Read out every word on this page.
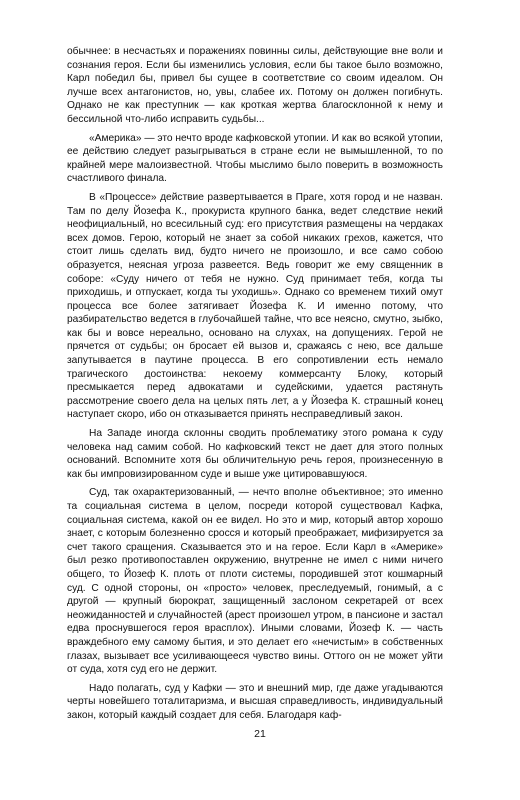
обычнее: в несчастьях и поражениях повинны силы, действующие вне воли и сознания героя. Если бы изменились условия, если бы такое было возможно, Карл победил бы, привел бы сущее в соответствие со своим идеалом. Он лучше всех антагонистов, но, увы, слабее их. Потому он должен погибнуть. Однако не как преступник — как кроткая жертва благосклонной к нему и бессильной что-либо исправить судьбы...

«Америка» — это нечто вроде кафковской утопии. И как во всякой утопии, ее действию следует разыгрываться в стране если не вымышленной, то по крайней мере малоизвестной. Чтобы мыслимо было поверить в возможность счастливого финала.

В «Процессе» действие развертывается в Праге, хотя город и не назван. Там по делу Йозефа К., прокуриста крупного банка, ведет следствие некий неофициальный, но всесильный суд: его присутствия размещены на чердаках всех домов. Герою, который не знает за собой никаких грехов, кажется, что стоит лишь сделать вид, будто ничего не произошло, и все само собою образуется, неясная угроза развеется. Ведь говорит же ему священник в соборе: «Суду ничего от тебя не нужно. Суд принимает тебя, когда ты приходишь, и отпускает, когда ты уходишь». Однако со временем тихий омут процесса все более затягивает Йозефа К. И именно потому, что разбирательство ведется в глубочайшей тайне, что все неясно, смутно, зыбко, как бы и вовсе нереально, основано на слухах, на допущениях. Герой не прячется от судьбы; он бросает ей вызов и, сражаясь с нею, все дальше запутывается в паутине процесса. В его сопротивлении есть немало трагического достоинства: некоему коммерсанту Блоку, который пресмыкается перед адвокатами и судейскими, удается растянуть рассмотрение своего дела на целых пять лет, а у Йозефа К. страшный конец наступает скоро, ибо он отказывается принять несправедливый закон.

На Западе иногда склонны сводить проблематику этого романа к суду человека над самим собой. Но кафковский текст не дает для этого полных оснований. Вспомните хотя бы обличительную речь героя, произнесенную в как бы импровизированном суде и выше уже цитировавшуюся.

Суд, так охарактеризованный, — нечто вполне объективное; это именно та социальная система в целом, посреди которой существовал Кафка, социальная система, какой он ее видел. Но это и мир, который автор хорошо знает, с которым болезненно сросся и который преображает, мифизируется за счет такого сращения. Сказывается это и на герое. Если Карл в «Америке» был резко противопоставлен окружению, внутренне не имел с ними ничего общего, то Йозеф К. плоть от плоти системы, породившей этот кошмарный суд. С одной стороны, он «просто» человек, преследуемый, гонимый, а с другой — крупный бюрократ, защищенный заслоном секретарей от всех неожиданностей и случайностей (арест произошел утром, в пансионе и застал едва проснувшегося героя врасплох). Иными словами, Йозеф К. — часть враждебного ему самому бытия, и это делает его «нечистым» в собственных глазах, вызывает все усиливающееся чувство вины. Оттого он не может уйти от суда, хотя суд его не держит.

Надо полагать, суд у Кафки — это и внешний мир, где даже угадываются черты новейшего тоталитаризма, и высшая справедливость, индивидуальный закон, который каждый создает для себя. Благодаря каф-

21
